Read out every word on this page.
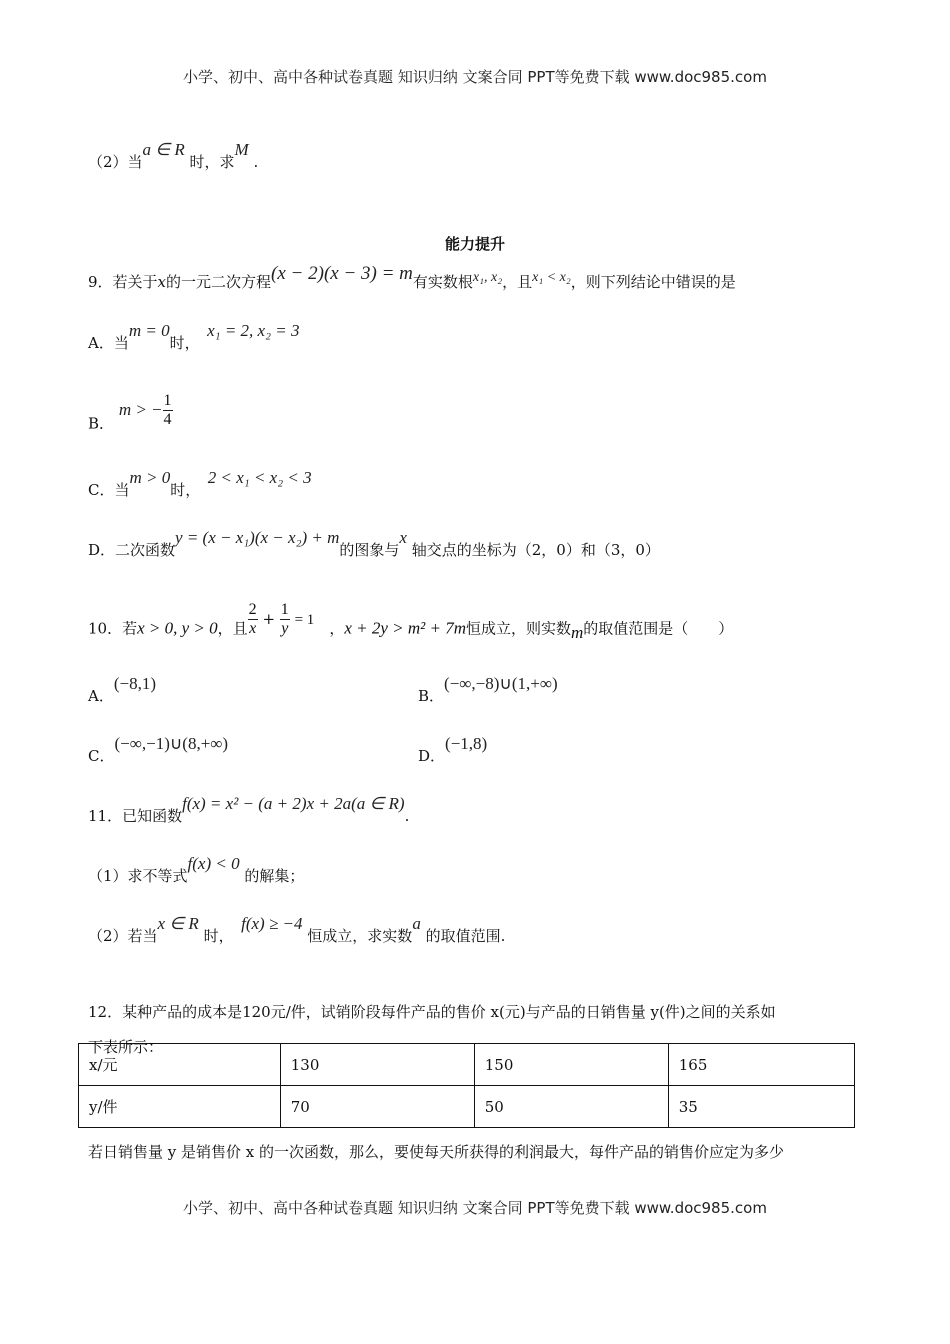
小学、初中、高中各种试卷真题 知识归纳 文案合同 PPT等免费下载 www.doc985.com
（2）当a ∈ R 时，求M .
能力提升
9．若关于x的一元二次方程(x − 2)(x − 3) = m有实数根x₁, x₂，且x₁ < x₂，则下列结论中错误的是
A．当m = 0时，　x₁ = 2, x₂ = 3
B． m > − $\frac{1}{4}$
C．当m > 0时，　2 < x₁ < x₂ < 3
D．二次函数y = (x − x₁)(x − x₂) + m的图象与x 轴交点的坐标为（2，0）和（3，0）
10．若x > 0, y > 0，且 $\frac{2}{x} + \frac{1}{y} = 1$　 ，x + 2y > m² + 7m恒成立，则实数m的取值范围是（　　）
A．(−8,1)
B．(−∞,−8)∪(1,+∞)
C．(−∞,−1)∪(8,+∞)
D．(−1,8)
11．已知函数f(x) = x² − (a + 2)x + 2a(a ∈ R).
（1）求不等式f(x) < 0 的解集；
（2）若当x ∈ R 时，　f(x) ≥ −4 恒成立，求实数a 的取值范围.
12．某种产品的成本是120元/件，试销阶段每件产品的售价 x(元)与产品的日销售量 y(件)之间的关系如
下表所示：
x/元	130	150	165
y/件	70	50	35
若日销售量 y 是销售价 x 的一次函数，那么，要使每天所获得的利润最大，每件产品的销售价应定为多少
小学、初中、高中各种试卷真题 知识归纳 文案合同 PPT等免费下载 www.doc985.com
